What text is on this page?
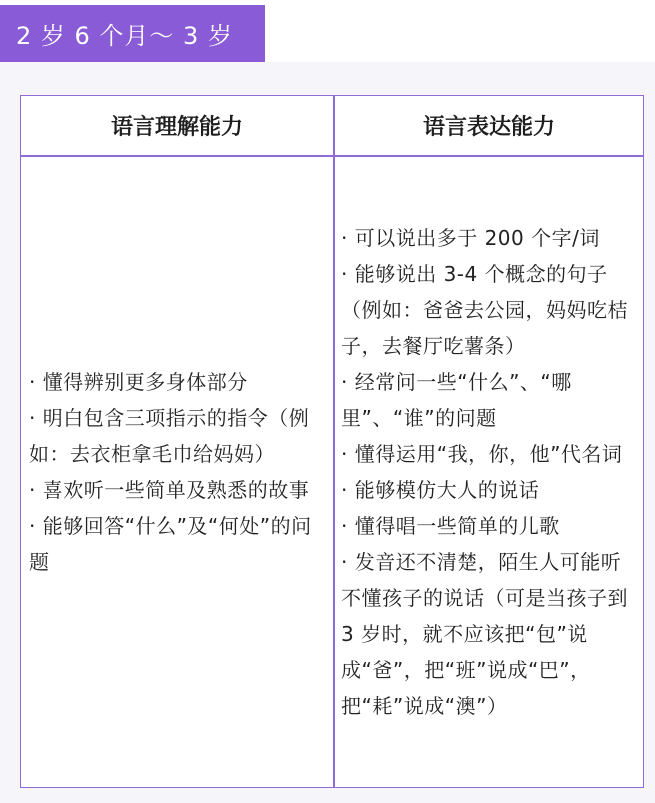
2 岁 6 个月～ 3 岁
语言理解能力	语言表达能力
· 懂得辨别更多身体部分
· 明白包含三项指示的指令（例如：去衣柜拿毛巾给妈妈）
· 喜欢听一些简单及熟悉的故事
· 能够回答“什么”及“何处”的问题
· 可以说出多于 200 个字/词
· 能够说出 3-4 个概念的句子（例如：爸爸去公园，妈妈吃桔子，去餐厅吃薯条）
· 经常问一些“什么”、“哪里”、“谁”的问题
· 懂得运用“我，你，他”代名词
· 能够模仿大人的说话
· 懂得唱一些简单的儿歌
· 发音还不清楚，陌生人可能听不懂孩子的说话（可是当孩子到 3 岁时，就不应该把“包”说成“爸”，把“班”说成“巴”，把“耗”说成“澳”）
